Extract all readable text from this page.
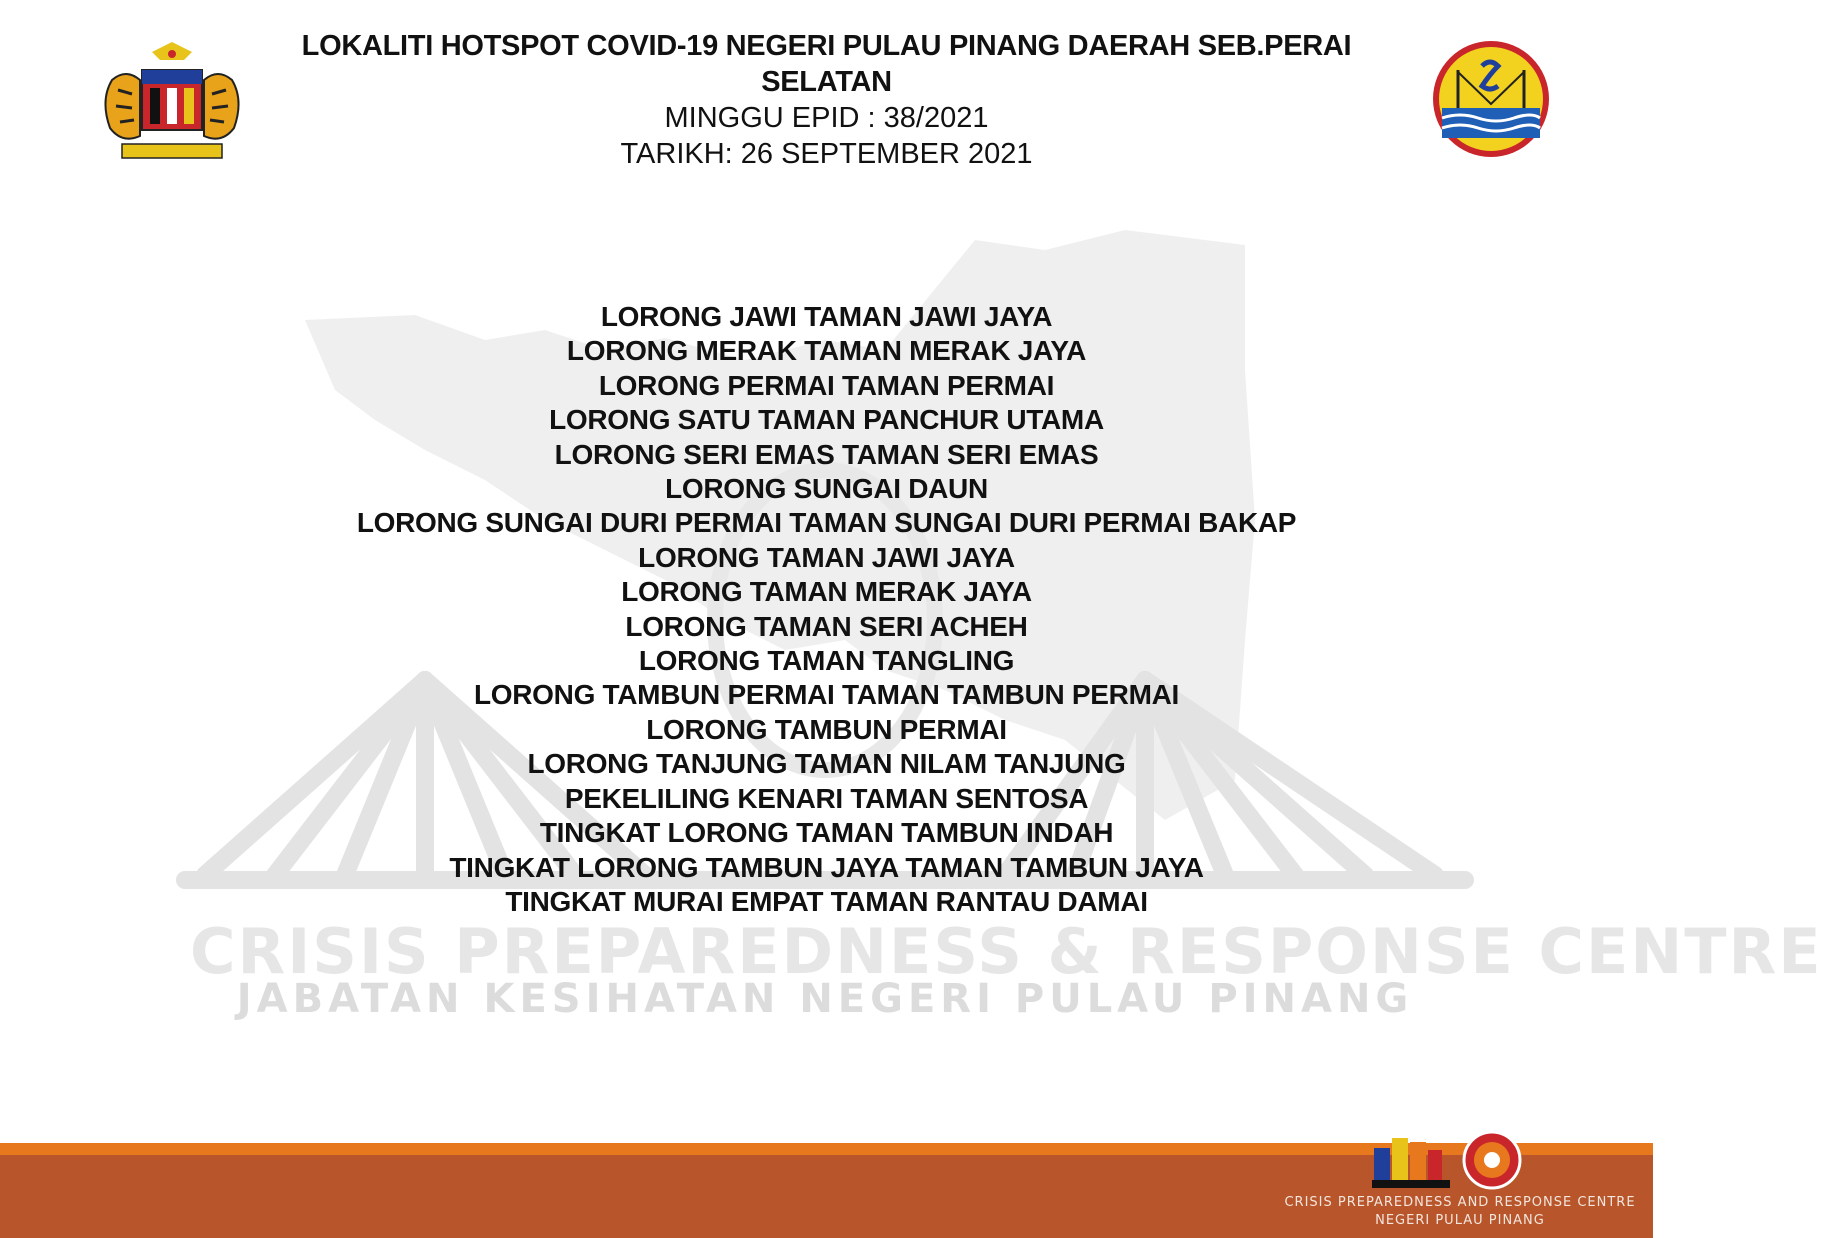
CRISIS PREPAREDNESS & RESPONSE CENTRE
JABATAN KESIHATAN NEGERI PULAU PINANG
LOKALITI HOTSPOT COVID-19 NEGERI PULAU PINANG DAERAH SEB.PERAI
SELATAN
MINGGU EPID : 38/2021
TARIKH: 26 SEPTEMBER 2021
LORONG JAWI TAMAN JAWI JAYA
LORONG MERAK TAMAN MERAK JAYA
LORONG PERMAI TAMAN PERMAI
LORONG SATU TAMAN PANCHUR UTAMA
LORONG SERI EMAS TAMAN SERI EMAS
LORONG SUNGAI DAUN
LORONG SUNGAI DURI PERMAI TAMAN SUNGAI DURI PERMAI BAKAP
LORONG TAMAN JAWI JAYA
LORONG TAMAN MERAK JAYA
LORONG TAMAN SERI ACHEH
LORONG TAMAN TANGLING
LORONG TAMBUN PERMAI TAMAN TAMBUN PERMAI
LORONG TAMBUN PERMAI
LORONG TANJUNG TAMAN NILAM TANJUNG
PEKELILING KENARI TAMAN SENTOSA
TINGKAT LORONG TAMAN TAMBUN INDAH
TINGKAT LORONG TAMBUN JAYA TAMAN TAMBUN JAYA
TINGKAT MURAI EMPAT TAMAN RANTAU DAMAI
CRISIS PREPAREDNESS AND RESPONSE CENTRE
NEGERI PULAU PINANG
